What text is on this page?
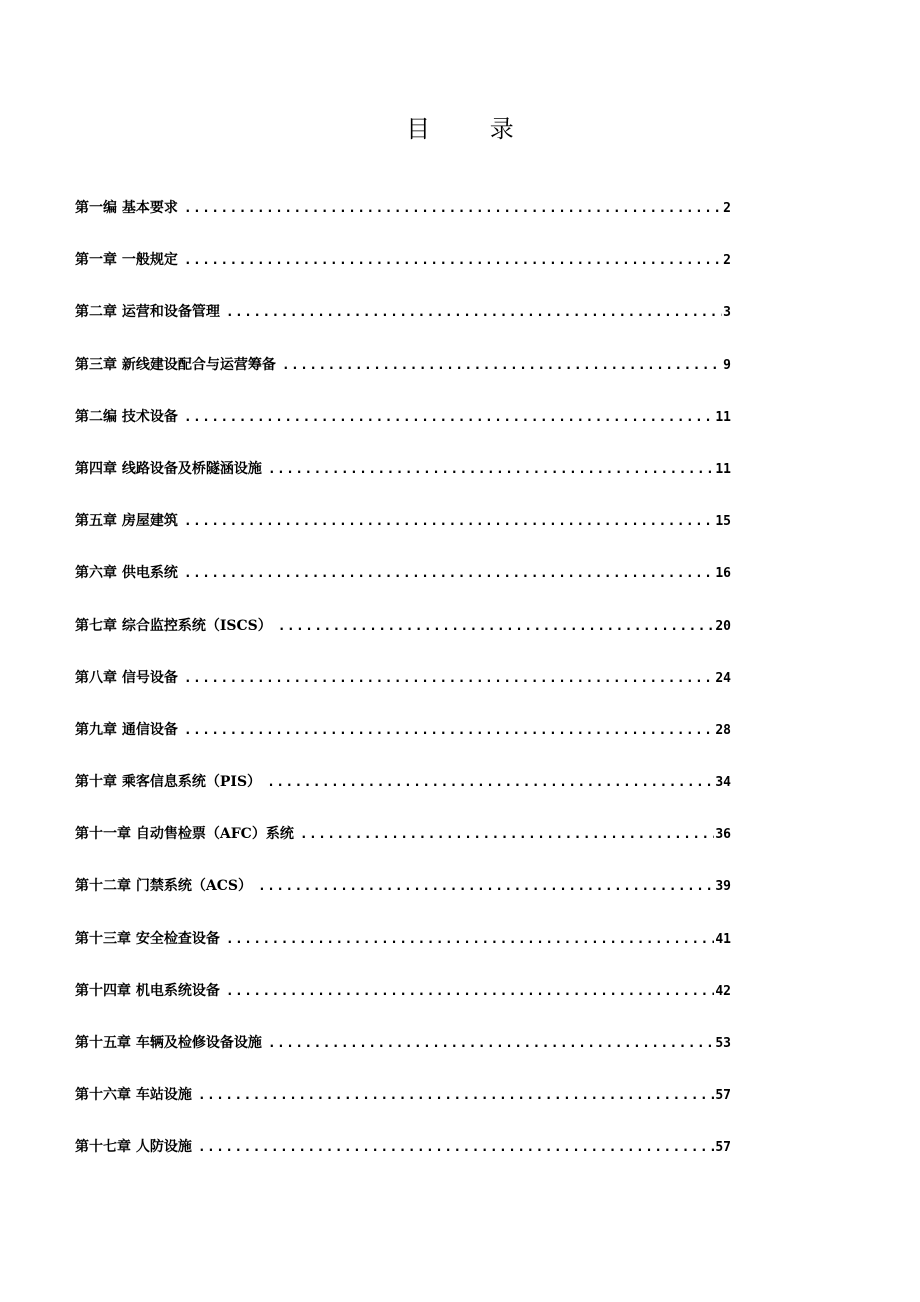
目 录
第一编 基本要求 .....	2
第一章 一般规定 .....	2
第二章 运营和设备管理 .....	3
第三章 新线建设配合与运营筹备 .....	9
第二编 技术设备 .....	11
第四章 线路设备及桥隧涵设施 .....	11
第五章 房屋建筑 .....	15
第六章 供电系统 .....	16
第七章 综合监控系统（ISCS） .....	20
第八章 信号设备 .....	24
第九章 通信设备 .....	28
第十章 乘客信息系统（PIS） .....	34
第十一章 自动售检票（AFC）系统 .....	36
第十二章 门禁系统（ACS） .....	39
第十三章 安全检查设备 .....	41
第十四章 机电系统设备 .....	42
第十五章 车辆及检修设备设施 .....	53
第十六章 车站设施 .....	57
第十七章 人防设施 .....	57
